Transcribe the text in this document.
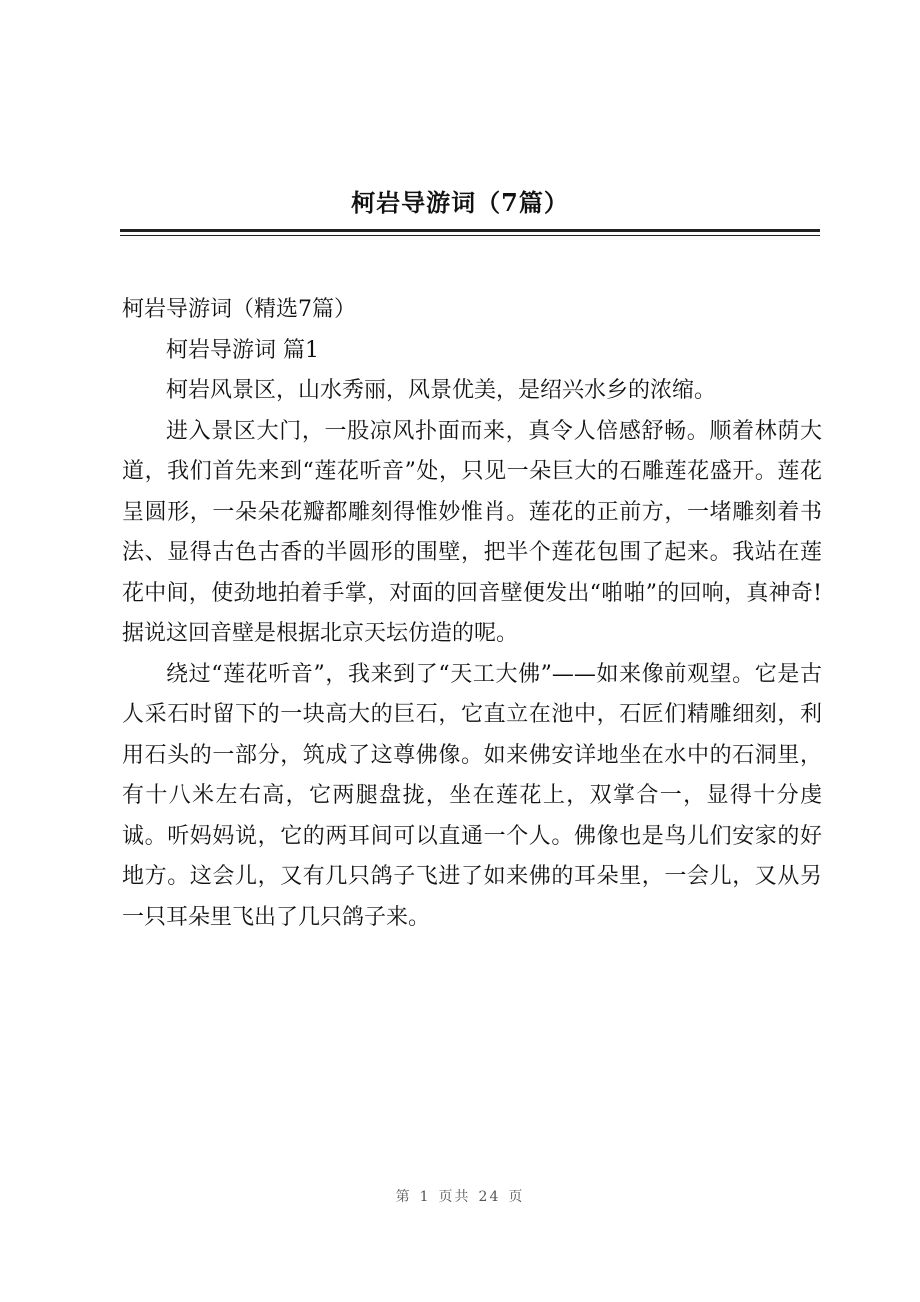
柯岩导游词（7篇）

柯岩导游词（精选7篇）

柯岩导游词 篇1

柯岩风景区，山水秀丽，风景优美，是绍兴水乡的浓缩。

进入景区大门，一股凉风扑面而来，真令人倍感舒畅。顺着林荫大道，我们首先来到“莲花听音”处，只见一朵巨大的石雕莲花盛开。莲花呈圆形，一朵朵花瓣都雕刻得惟妙惟肖。莲花的正前方，一堵雕刻着书法、显得古色古香的半圆形的围壁，把半个莲花包围了起来。我站在莲花中间，使劲地拍着手掌，对面的回音壁便发出“啪啪”的回响，真神奇!据说这回音壁是根据北京天坛仿造的呢。

绕过“莲花听音”，我来到了“天工大佛”——如来像前观望。它是古人采石时留下的一块高大的巨石，它直立在池中，石匠们精雕细刻，利用石头的一部分，筑成了这尊佛像。如来佛安详地坐在水中的石洞里，有十八米左右高，它两腿盘拢，坐在莲花上，双掌合一，显得十分虔诚。听妈妈说，它的两耳间可以直通一个人。佛像也是鸟儿们安家的好地方。这会儿，又有几只鸽子飞进了如来佛的耳朵里，一会儿，又从另一只耳朵里飞出了几只鸽子来。

第 1 页共 24 页
